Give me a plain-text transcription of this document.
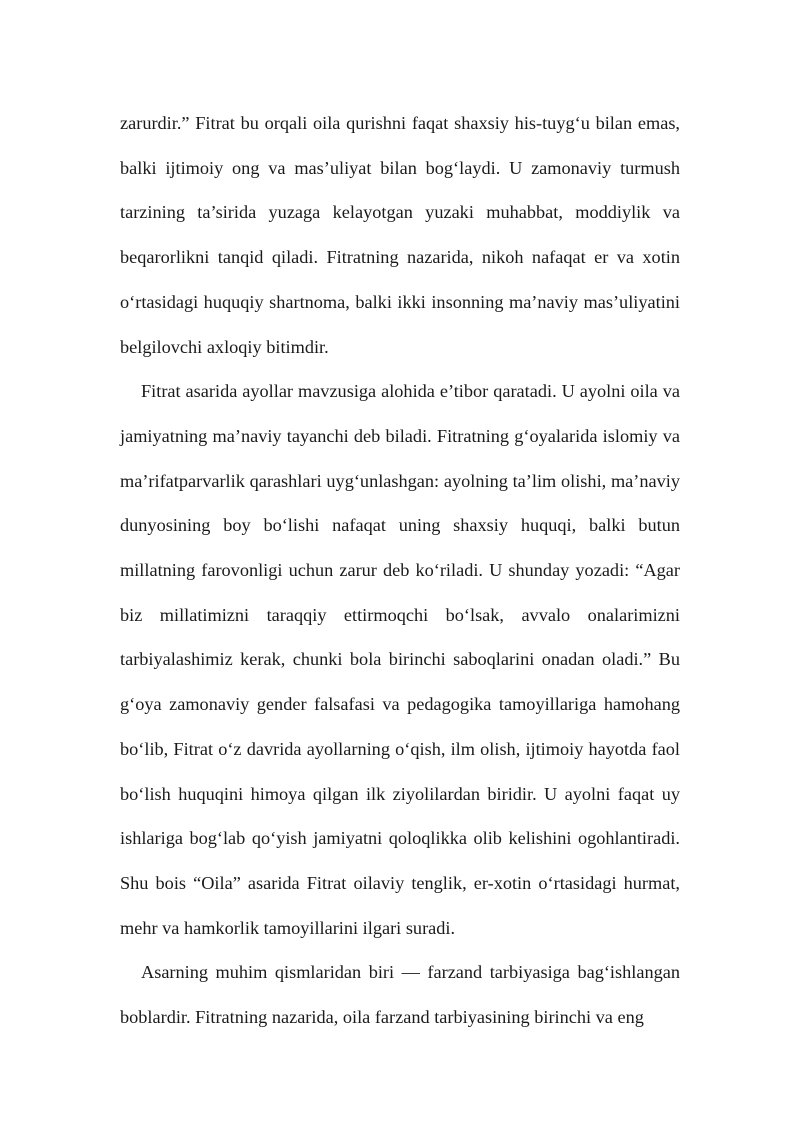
zarurdir.” Fitrat bu orqali oila qurishni faqat shaxsiy his-tuyg‘u bilan emas, balki ijtimoiy ong va mas’uliyat bilan bog‘laydi. U zamonaviy turmush tarzining ta’sirida yuzaga kelayotgan yuzaki muhabbat, moddiylik va beqarorlikni tanqid qiladi. Fitratning nazarida, nikoh nafaqat er va xotin o‘rtasidagi huquqiy shartnoma, balki ikki insonning ma’naviy mas’uliyatini belgilovchi axloqiy bitimdir.

Fitrat asarida ayollar mavzusiga alohida e’tibor qaratadi. U ayolni oila va jamiyatning ma’naviy tayanchi deb biladi. Fitratning g‘oyalarida islomiy va ma’rifatparvarlik qarashlari uyg‘unlashgan: ayolning ta’lim olishi, ma’naviy dunyosining boy bo‘lishi nafaqat uning shaxsiy huquqi, balki butun millatning farovonligi uchun zarur deb ko‘riladi. U shunday yozadi: “Agar biz millatimizni taraqqiy ettirmoqchi bo‘lsak, avvalo onalarimizni tarbiyalashimiz kerak, chunki bola birinchi saboqlarini onadan oladi.” Bu g‘oya zamonaviy gender falsafasi va pedagogika tamoyillariga hamohang bo‘lib, Fitrat o‘z davrida ayollarning o‘qish, ilm olish, ijtimoiy hayotda faol bo‘lish huquqini himoya qilgan ilk ziyolilardan biridir. U ayolni faqat uy ishlariga bog‘lab qo‘yish jamiyatni qoloqlikka olib kelishini ogohlantiradi. Shu bois “Oila” asarida Fitrat oilaviy tenglik, er-xotin o‘rtasidagi hurmat, mehr va hamkorlik tamoyillarini ilgari suradi.

Asarning muhim qismlaridan biri — farzand tarbiyasiga bag‘ishlangan boblardir. Fitratning nazarida, oila farzand tarbiyasining birinchi va eng
